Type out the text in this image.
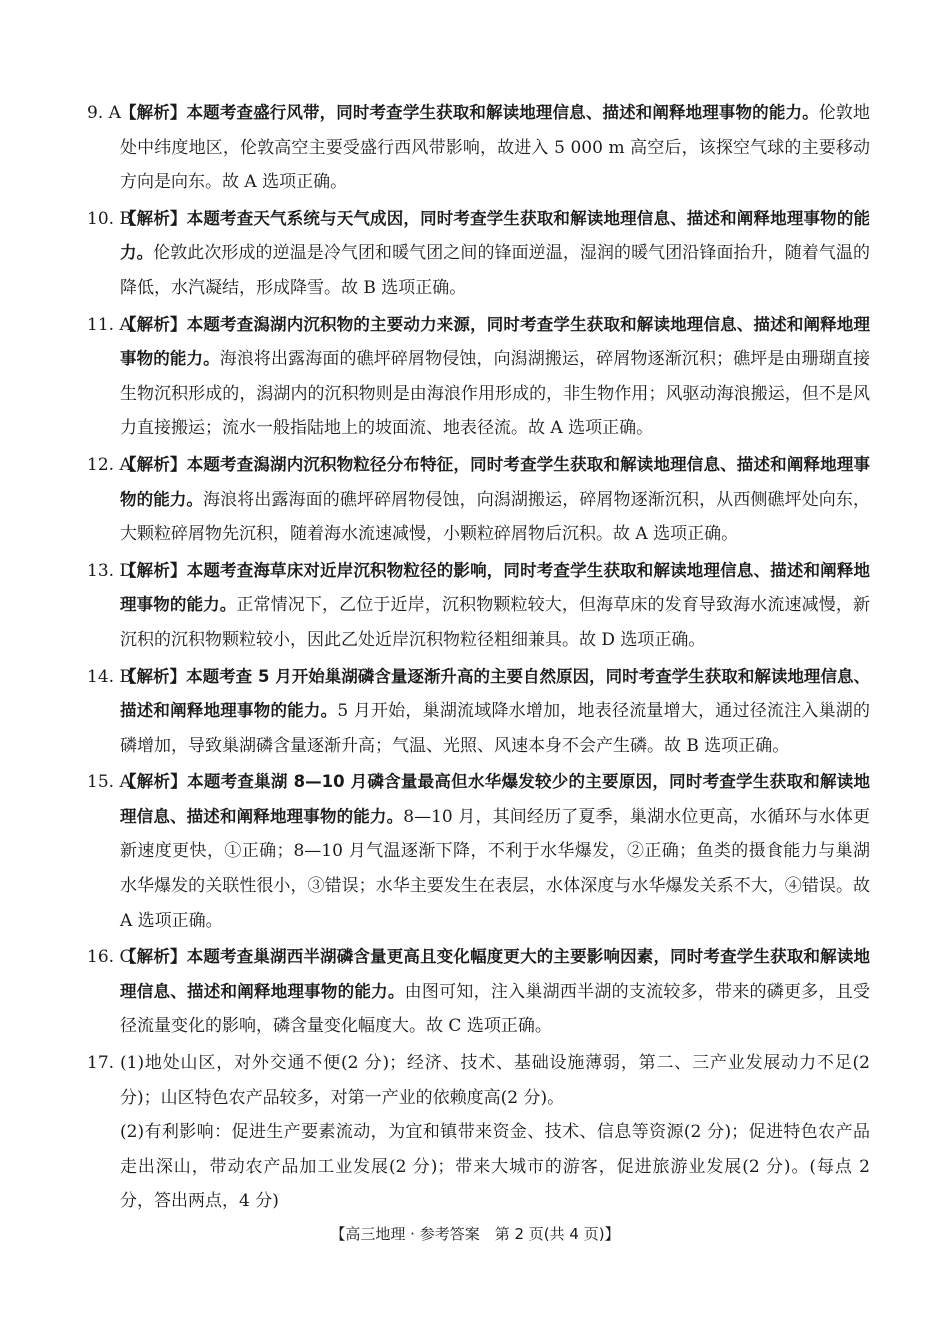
9. A 【解析】本题考查盛行风带，同时考查学生获取和解读地理信息、描述和阐释地理事物的能力。伦敦地处中纬度地区，伦敦高空主要受盛行西风带影响，故进入 5 000 m 高空后，该探空气球的主要移动方向是向东。故 A 选项正确。
10. B
【解析】本题考查天气系统与天气成因，同时考查学生获取和解读地理信息、描述和阐释地理事物的能力。伦敦此次形成的逆温是冷气团和暖气团之间的锋面逆温，湿润的暖气团沿锋面抬升，随着气温的降低，水汽凝结，形成降雪。故 B 选项正确。
11. A
【解析】本题考查潟湖内沉积物的主要动力来源，同时考查学生获取和解读地理信息、描述和阐释地理事物的能力。海浪将出露海面的礁坪碎屑物侵蚀，向潟湖搬运，碎屑物逐渐沉积；礁坪是由珊瑚直接生物沉积形成的，潟湖内的沉积物则是由海浪作用形成的，非生物作用；风驱动海浪搬运，但不是风力直接搬运；流水一般指陆地上的坡面流、地表径流。故 A 选项正确。
12. A
【解析】本题考查潟湖内沉积物粒径分布特征，同时考查学生获取和解读地理信息、描述和阐释地理事物的能力。海浪将出露海面的礁坪碎屑物侵蚀，向潟湖搬运，碎屑物逐渐沉积，从西侧礁坪处向东，大颗粒碎屑物先沉积，随着海水流速减慢，小颗粒碎屑物后沉积。故 A 选项正确。
13. D
【解析】本题考查海草床对近岸沉积物粒径的影响，同时考查学生获取和解读地理信息、描述和阐释地理事物的能力。正常情况下，乙位于近岸，沉积物颗粒较大，但海草床的发育导致海水流速减慢，新沉积的沉积物颗粒较小，因此乙处近岸沉积物粒径粗细兼具。故 D 选项正确。
14. B
【解析】本题考查 5 月开始巢湖磷含量逐渐升高的主要自然原因，同时考查学生获取和解读地理信息、描述和阐释地理事物的能力。5 月开始，巢湖流域降水增加，地表径流量增大，通过径流注入巢湖的磷增加，导致巢湖磷含量逐渐升高；气温、光照、风速本身不会产生磷。故 B 选项正确。
15. A
【解析】本题考查巢湖 8—10 月磷含量最高但水华爆发较少的主要原因，同时考查学生获取和解读地理信息、描述和阐释地理事物的能力。8—10 月，其间经历了夏季，巢湖水位更高，水循环与水体更新速度更快，①正确；8—10 月气温逐渐下降，不利于水华爆发，②正确；鱼类的摄食能力与巢湖水华爆发的关联性很小，③错误；水华主要发生在表层，水体深度与水华爆发关系不大，④错误。故 A 选项正确。
16. C
【解析】本题考查巢湖西半湖磷含量更高且变化幅度更大的主要影响因素，同时考查学生获取和解读地理信息、描述和阐释地理事物的能力。由图可知，注入巢湖西半湖的支流较多，带来的磷更多，且受径流量变化的影响，磷含量变化幅度大。故 C 选项正确。
17. (1)地处山区，对外交通不便(2 分)；经济、技术、基础设施薄弱，第二、三产业发展动力不足(2 分)；山区特色农产品较多，对第一产业的依赖度高(2 分)。
(2)有利影响：促进生产要素流动，为宜和镇带来资金、技术、信息等资源(2 分)；促进特色农产品走出深山，带动农产品加工业发展(2 分)；带来大城市的游客，促进旅游业发展(2 分)。(每点 2 分，答出两点，4 分)
【高三地理 · 参考答案　第 2 页(共 4 页)】
